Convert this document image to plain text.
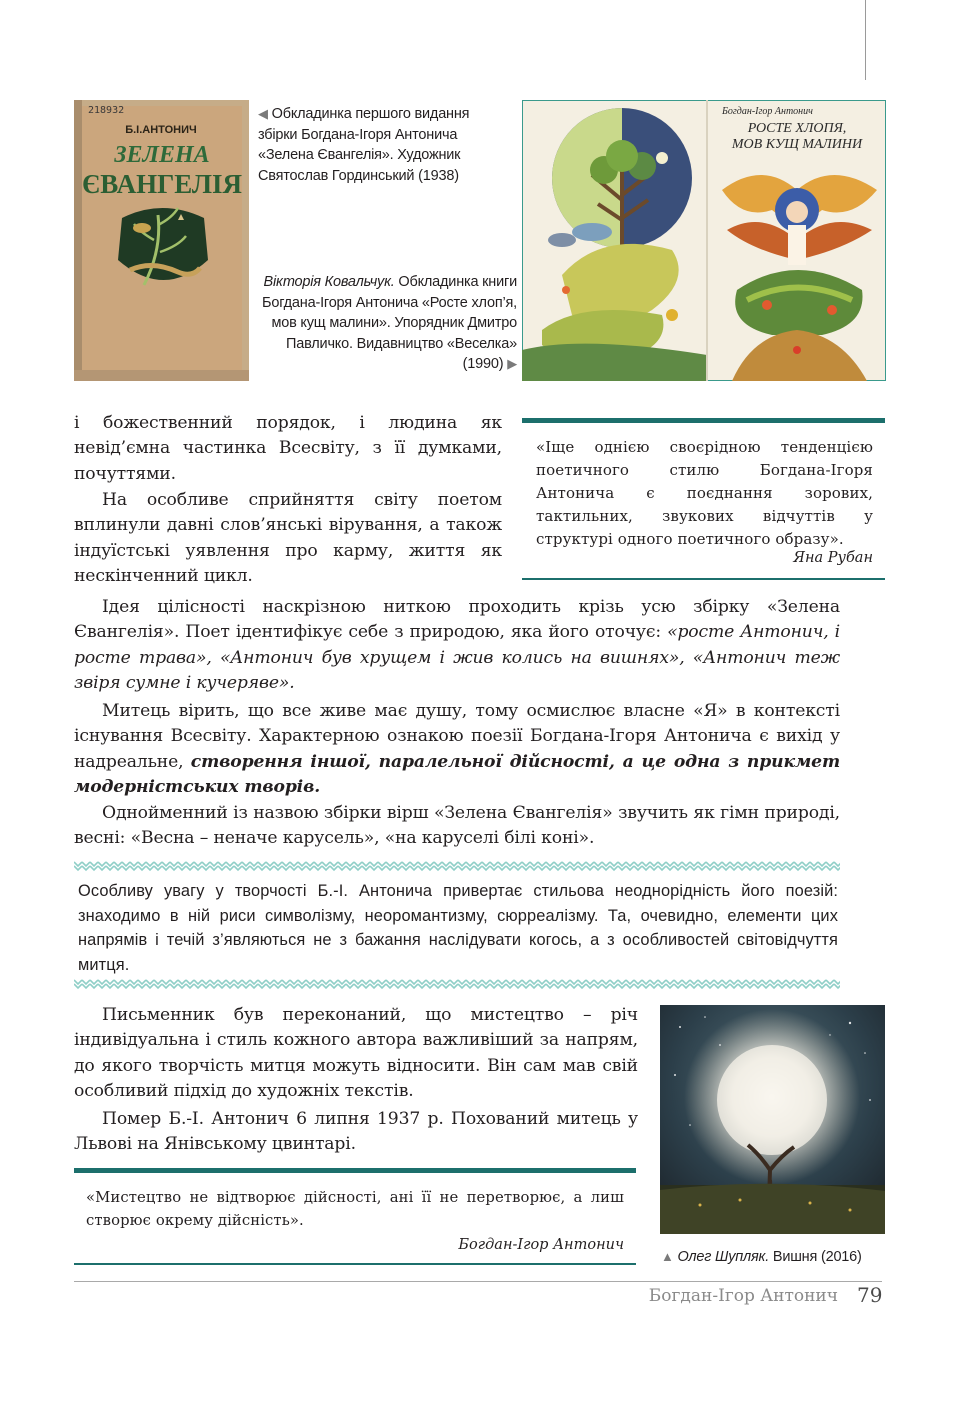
218932
Б.І.АНТОНИЧ
ЗЕЛЕНА
ЄВАНГЕЛІЯ
◀ Обкладинка першого видання збірки Богдана-Ігоря Антонича «Зелена Євангелія». Художник Святослав Гординський (1938)
Богдан-Ігор Антонич
РОСТЕ ХЛОПЯ,
МОВ КУЩ МАЛИНИ
Вікторія Ковальчук. Обкладинка книги Богдана-Ігоря Антонича «Росте хлоп’я, мов кущ малини». Упорядник Дмитро Павличко. Видавництво «Веселка» (1990) ▶
«Іще однією своєрідною тенденцією поетичного стилю Богдана-Ігоря Антонича є поєднання зорових, тактильних, звукових відчуттів у структурі одного поетичного образу».
Яна Рубан
і божественний порядок, і людина як невід’ємна частинка Всесвіту, з її думками, почуттями.
На особливе сприйняття світу поетом вплинули давні слов’янські вірування, а також індуїстські уявлення про карму, життя як нескінченний цикл.
Ідея цілісності наскрізною ниткою проходить крізь усю збірку «Зелена Євангелія». Поет ідентифікує себе з природою, яка його оточує: «росте Антонич, і росте трава», «Антонич був хрущем і жив колись на вишнях», «Антонич теж звіря сумне і кучеряве».
Митець вірить, що все живе має душу, тому осмислює власне «Я» в контексті існування Всесвіту. Характерною ознакою поезії Богдана-Ігоря Антонича є вихід у надреальне, створення іншої, паралельної дійсності, а це одна з прикмет модерністських творів.
Однойменний із назвою збірки вірш «Зелена Євангелія» звучить як гімн природі, весні: «Весна – неначе карусель», «на каруселі білі коні».
Особливу увагу у творчості Б.-І. Антонича привертає стильова неоднорідність його поезій: знаходимо в ній риси символізму, неоромантизму, сюрреалізму. Та, очевидно, елементи цих напрямів і течій з’являються не з бажання наслідувати когось, а з особливостей світовідчуття митця.
Письменник був переконаний, що мистецтво – річ індивідуальна і стиль кожного автора важливіший за напрям, до якого творчість митця можуть відносити. Він сам мав свій особливий підхід до художніх текстів.
Помер Б.-І. Антонич 6 липня 1937 р. Похований митець у Львові на Янівському цвинтарі.
«Мистецтво не відтворює дійсності, ані її не перетворює, а лиш створює окрему дійсність».
Богдан-Ігор Антонич
▲ Олег Шупляк. Вишня (2016)
Богдан-Ігор Антонич 79
